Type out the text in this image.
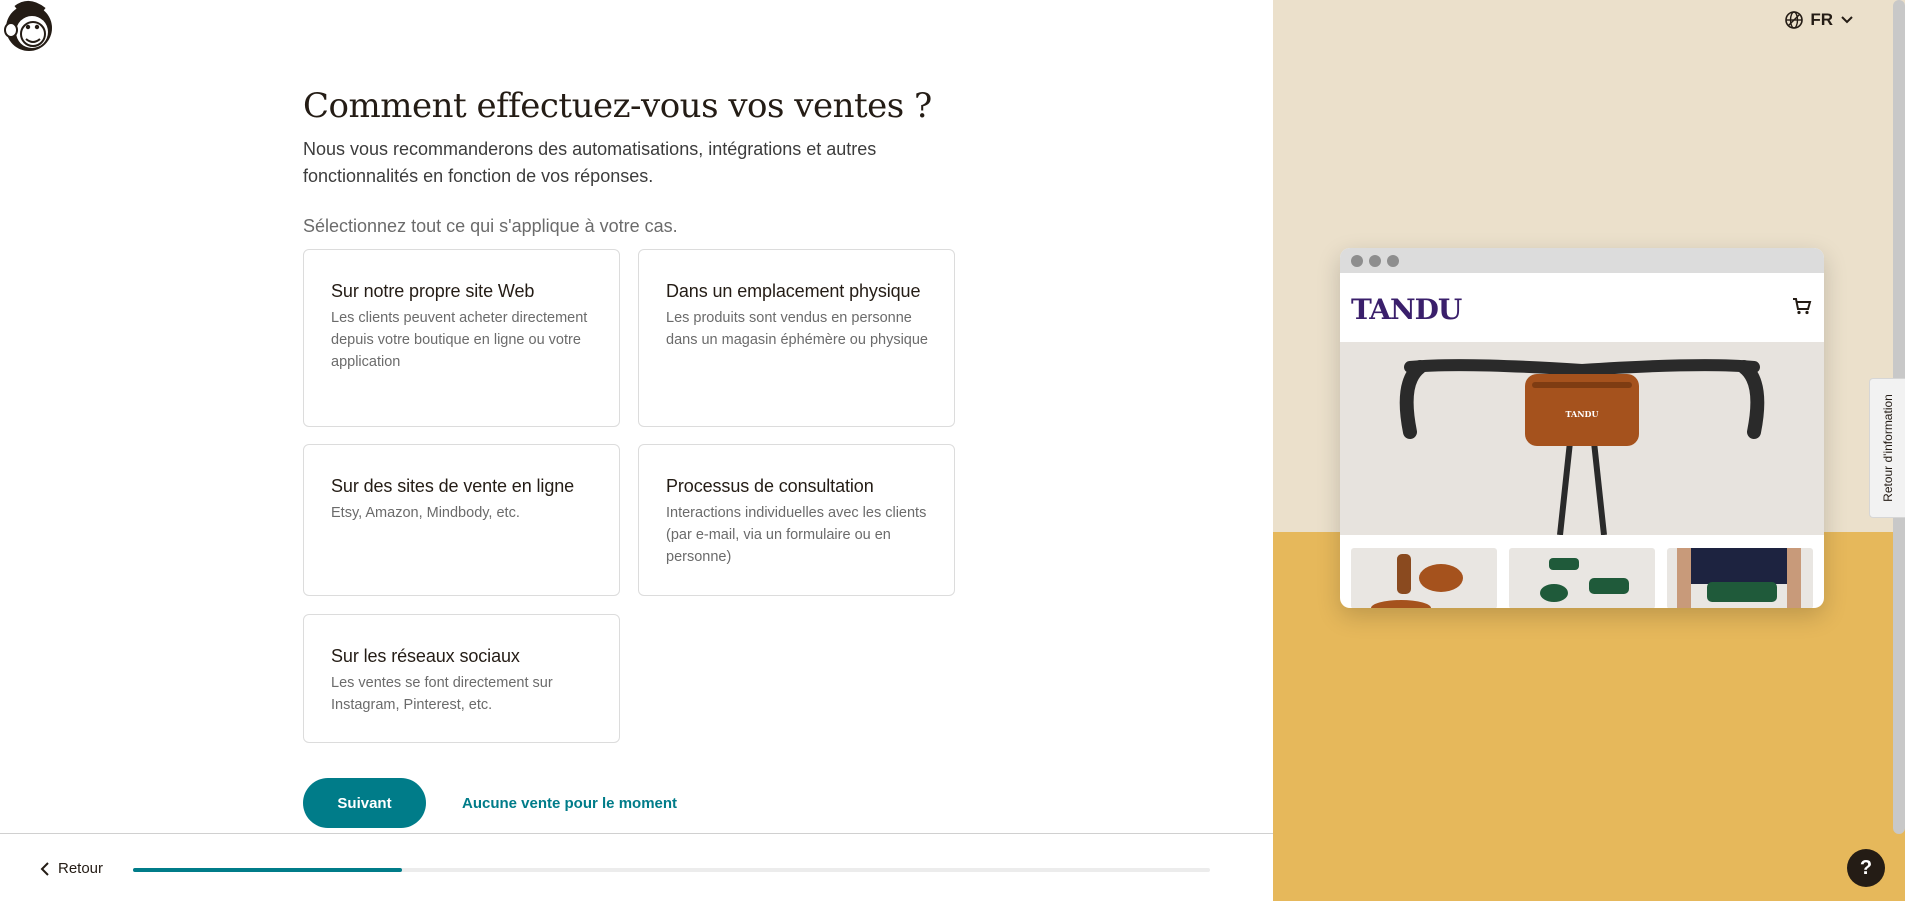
Comment effectuez-vous vos ventes ?

Nous vous recommanderons des automatisations, intégrations et autres fonctionnalités en fonction de vos réponses.

Sélectionnez tout ce qui s'applique à votre cas.

Sur notre propre site Web
Les clients peuvent acheter directement depuis votre boutique en ligne ou votre application
Dans un emplacement physique
Les produits sont vendus en personne dans un magasin éphémère ou physique
Sur des sites de vente en ligne
Etsy, Amazon, Mindbody, etc.
Processus de consultation
Interactions individuelles avec les clients (par e-mail, via un formulaire ou en personne)
Sur les réseaux sociaux
Les ventes se font directement sur Instagram, Pinterest, etc.
Suivant	Aucune vente pour le moment
Retour
FR
TANDU
TANDU	Retour d'information
?
